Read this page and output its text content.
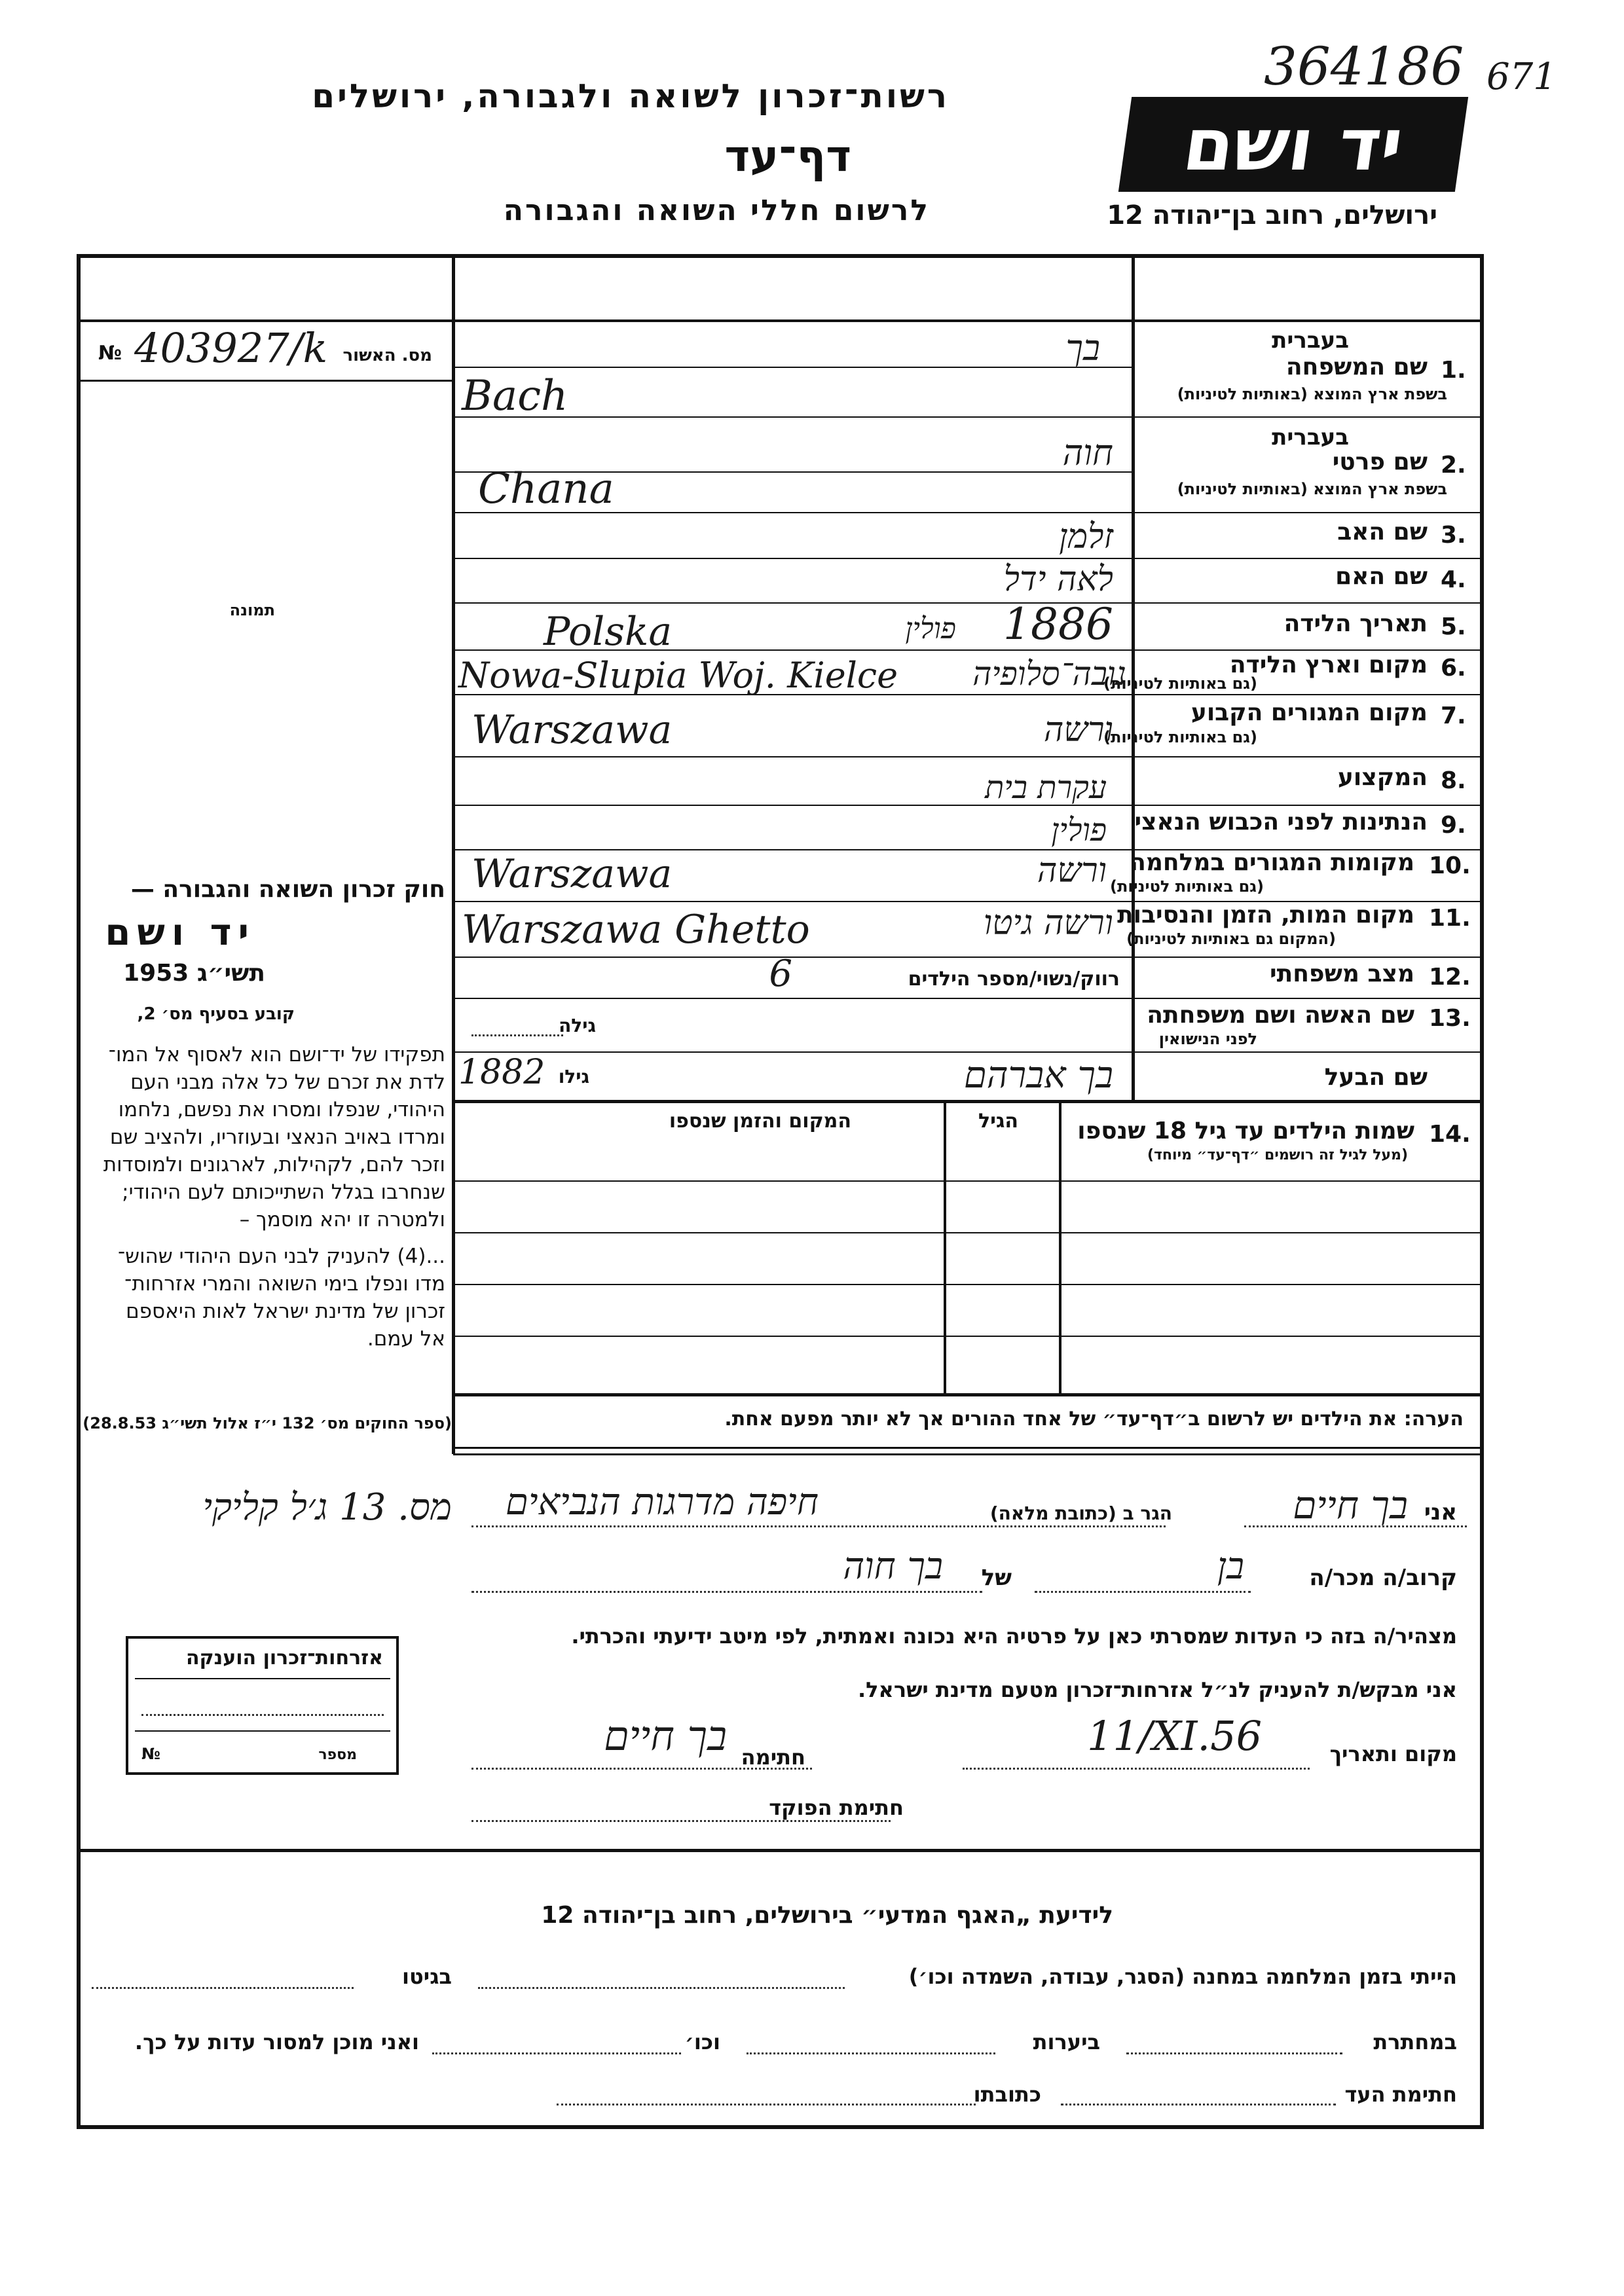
רשות־זכרון לשואה ולגבורה, ירושלים
דף־עד
לרשום חללי השואה והגבורה
364186 671
יד ושם
ירושלים, רחוב בן־יהודה 12
№ 403927/k מס. האשור
תמונה
חוק זכרון השואה והגבורה —
יד ושם
תשי״ג 1953
קובע בסעיף מס׳ 2,
תפקידו של יד־ושם הוא לאסוף אל המו־
לדת את זכרם של כל אלה מבני העם
היהודי, שנפלו ומסרו את נפשם, נלחמו
ומרדו באויב הנאצי ובעוזריו, ולהציב שם
וזכר להם, לקהילות, לארגונים ולמוסדות
שנחרבו בגלל השתייכותם לעם היהודי;
ולמטרה זו יהא מוסמך –
...(4) להעניק לבני העם היהודי שהוש־
מדו ונפלו בימי השואה והמרי אזרחות־
זכרון של מדינת ישראל לאות היאספם
אל עמם.
(ספר החוקים מס׳ 132 י״ז אלול תשי״ג 28.8.53)
בעברית
1.
שם המשפחה
בשפת ארץ המוצא (באותיות לטיניות)
בעברית
2.
שם פרטי
בשפת ארץ המוצא (באותיות לטיניות)
3.
שם האב
4.
שם האם
5.
תאריך הלידה
6.
מקום וארץ הלידה
(גם באותיות לטיניות)
7.
מקום המגורים הקבוע
(גם באותיות לטיניות)
8.
המקצוע
9.
הנתינות לפני הכבוש הנאצי
10.
מקומות המגורים במלחמה
(גם באותיות לטיניות)
11.
מקום המות, הזמן והנסיבות
(המקום גם באותיות לטיניות)
12.
מצב משפחתי
13.
שם האשה ושם משפחתה
לפני הנישואין
שם הבעל
בך
Bach
חוה
Chana
זלמן
לאה ידל
1886
פולין
Polska
נובה־סלופיה
Nowa-Slupia Woj. Kielce
ורשה
Warszawa
עקרת בית
פולין
ורשה
Warszawa
ורשה גיטו
Warszawa Ghetto
רווק/נשוי/מספר הילדים
6
גילה
בך אברהם
גילו
1882
14.
שמות הילדים עד גיל 18 שנספו
(מעל לגיל זה רושמים ״דף־עד״ מיוחד)
הגיל
המקום והזמן שנספו
הערה: את הילדים יש לרשום ב״דף־עד״ של אחד ההורים אך לא יותר מפעם אחת.
מס. 13 ג׳ל קליקי	אני
בך חיים
הגר ב (כתובת מלאה)
חיפה מדרגות הנביאים
קרוב/ה מכר/ה
בן
של
בך חוה
מצהיר/ה בזה כי העדות שמסרתי כאן על פרטיה היא נכונה ואמתית, לפי מיטב ידיעתי והכרתי.
אני מבקש/ת להעניק לנ״ל אזרחות־זכרון מטעם מדינת ישראל.
מקום ותאריך
11/XI.56
חתימה
בך חיים
חתימת הפוקד
אזרחות־זכרון הוענקה
מספר
№
לידיעת „האגף המדעי״ בירושלים, רחוב בן־יהודה 12
הייתי בזמן המלחמה במחנה (הסגר, עבודה, השמדה וכו׳)
בגיטו
במחתרת
ביערות
וכו׳
ואני מוכן למסור עדות על כך.
חתימת העד
כתובתו
